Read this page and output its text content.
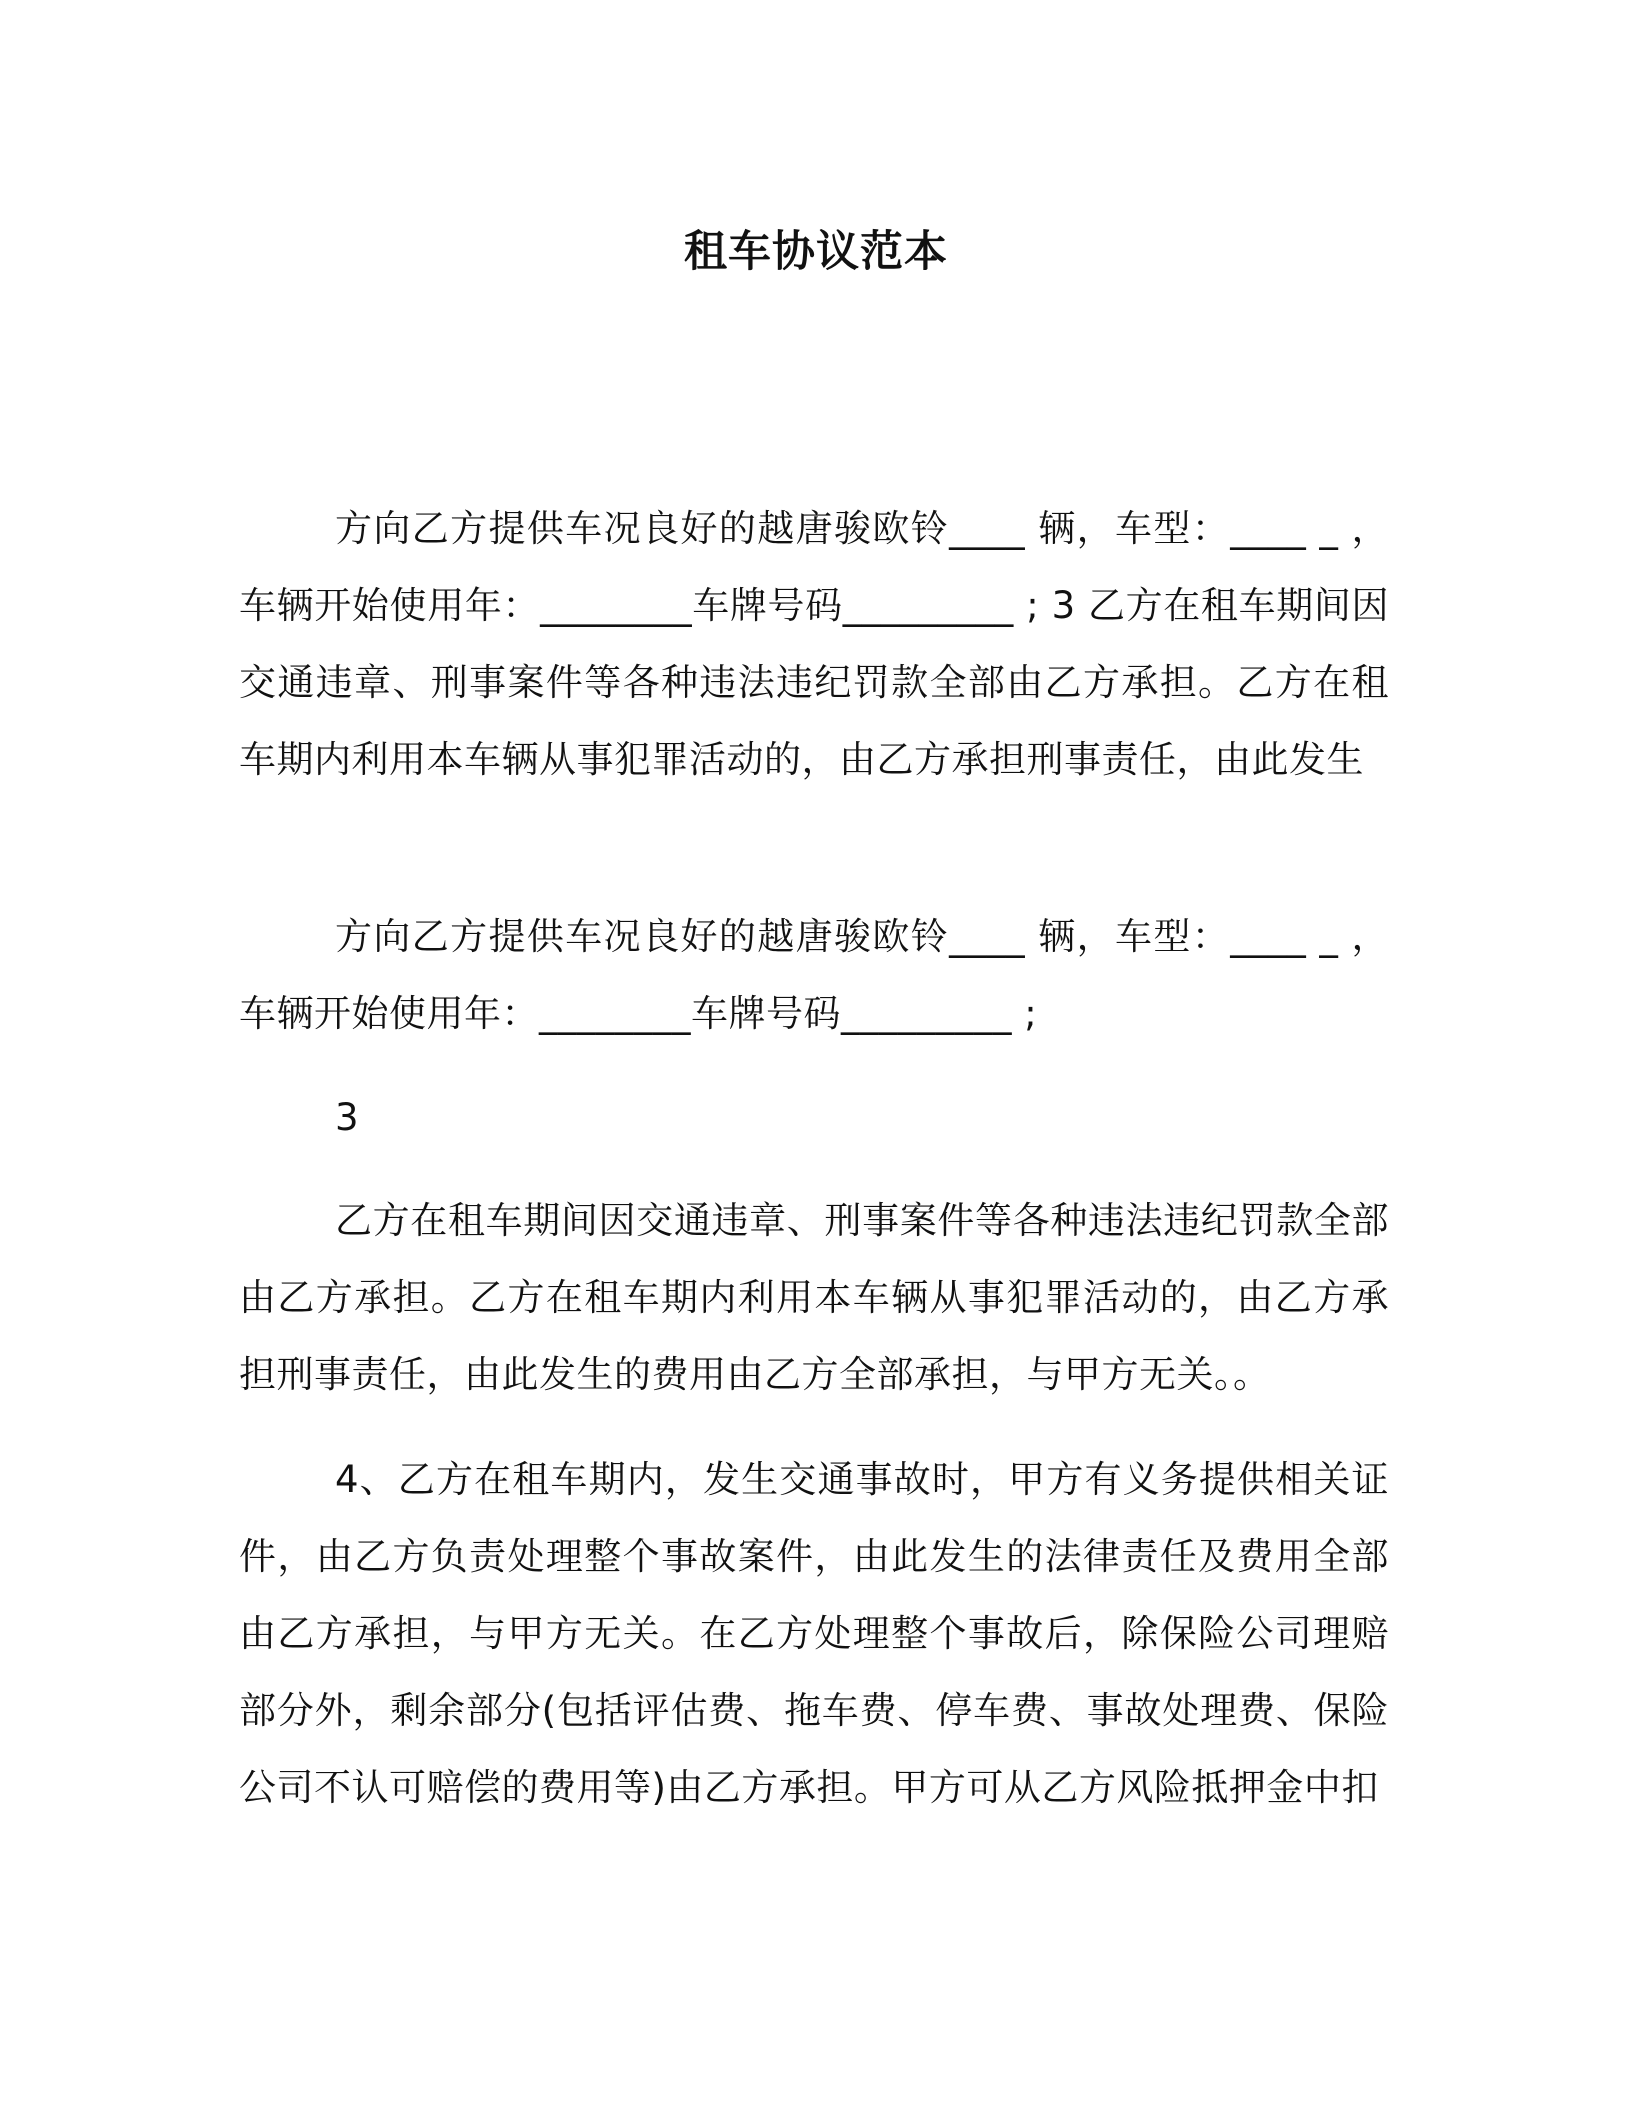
租车协议范本

方向乙方提供车况良好的越唐骏欧铃____ 辆，车型：____ _ ，车辆开始使用年：________车牌号码_________ ; 3 乙方在租车期间因交通违章、刑事案件等各种违法违纪罚款全部由乙方承担。乙方在租车期内利用本车辆从事犯罪活动的，由乙方承担刑事责任，由此发生

方向乙方提供车况良好的越唐骏欧铃____ 辆，车型：____ _ ，车辆开始使用年：________车牌号码_________ ;

3

乙方在租车期间因交通违章、刑事案件等各种违法违纪罚款全部由乙方承担。乙方在租车期内利用本车辆从事犯罪活动的，由乙方承担刑事责任，由此发生的费用由乙方全部承担，与甲方无关。。

4、乙方在租车期内，发生交通事故时，甲方有义务提供相关证件，由乙方负责处理整个事故案件，由此发生的法律责任及费用全部由乙方承担，与甲方无关。在乙方处理整个事故后，除保险公司理赔部分外，剩余部分(包括评估费、拖车费、停车费、事故处理费、保险公司不认可赔偿的费用等)由乙方承担。甲方可从乙方风险抵押金中扣
